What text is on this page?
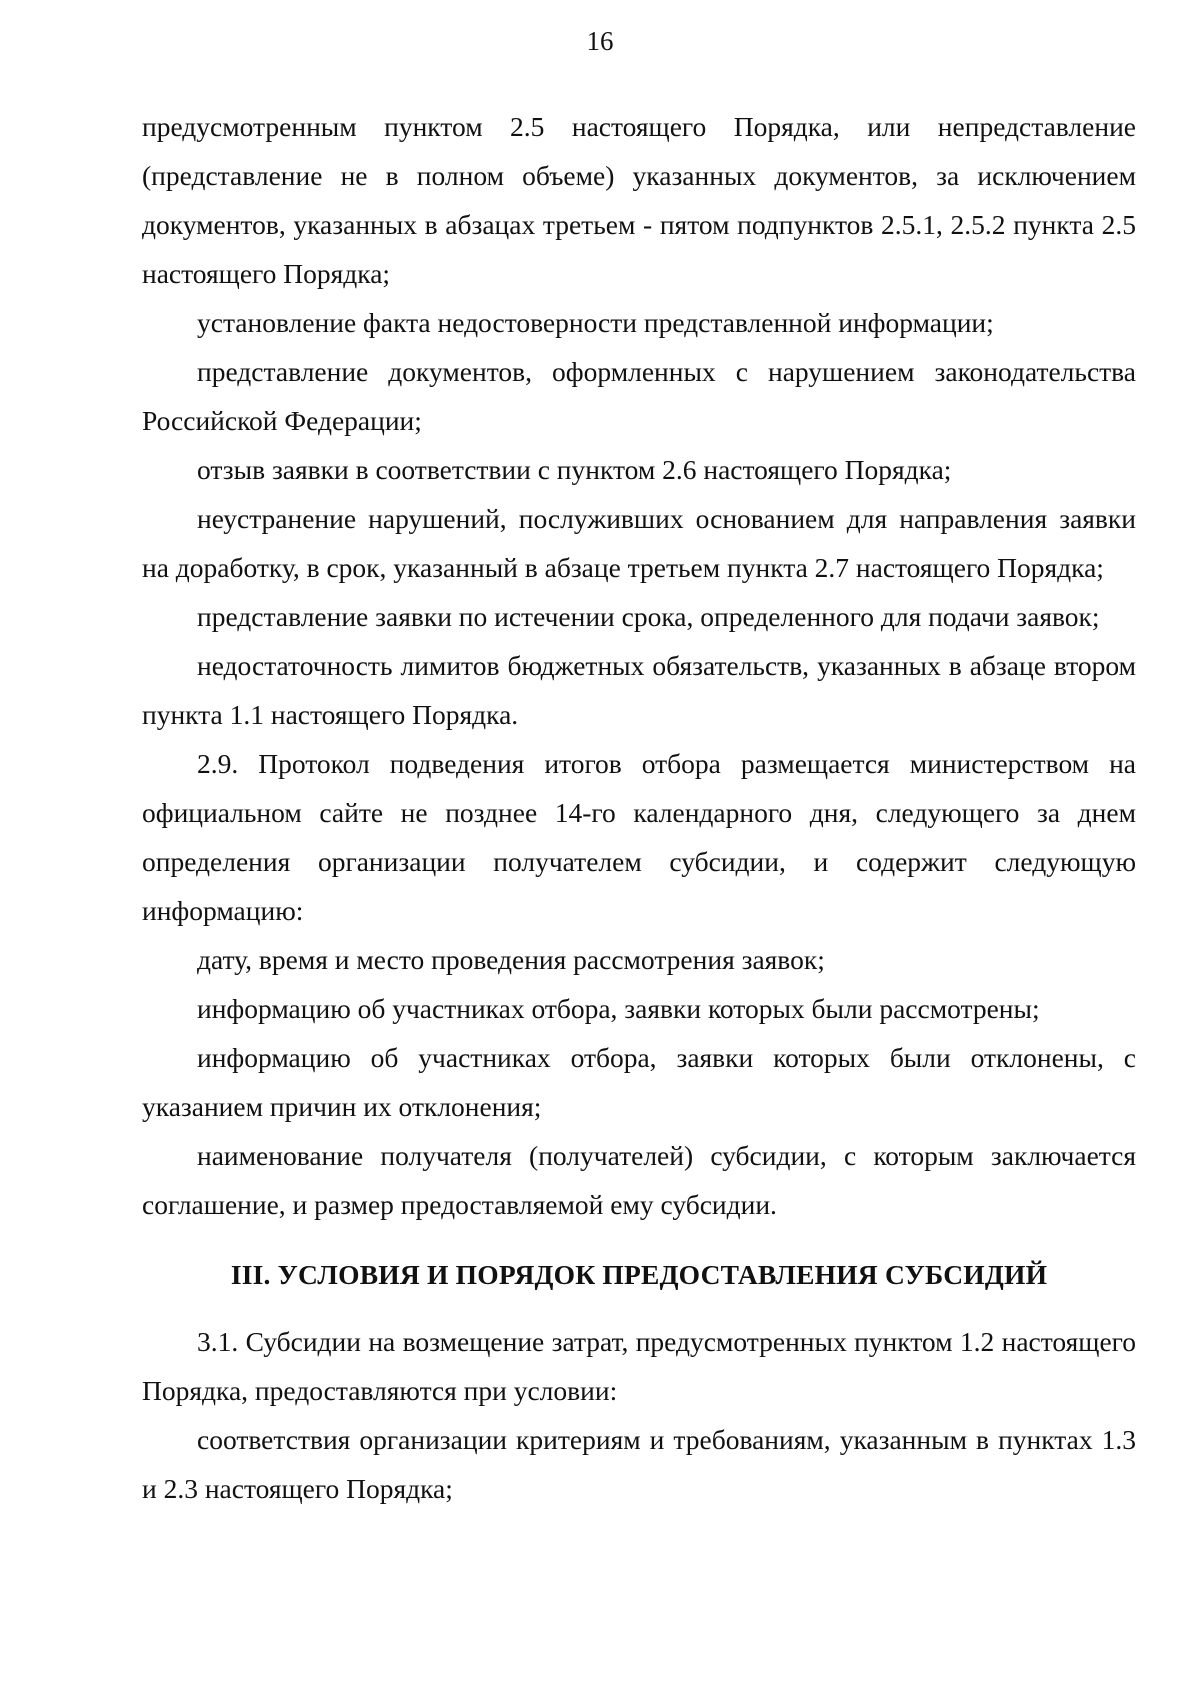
16

предусмотренным пунктом 2.5 настоящего Порядка, или непредставление (представление не в полном объеме) указанных документов, за исключением документов, указанных в абзацах третьем - пятом подпунктов 2.5.1, 2.5.2 пункта 2.5 настоящего Порядка;

установление факта недостоверности представленной информации;

представление документов, оформленных с нарушением законодательства Российской Федерации;

отзыв заявки в соответствии с пунктом 2.6 настоящего Порядка;

неустранение нарушений, послуживших основанием для направления заявки на доработку, в срок, указанный в абзаце третьем пункта 2.7 настоящего Порядка;

представление заявки по истечении срока, определенного для подачи заявок;

недостаточность лимитов бюджетных обязательств, указанных в абзаце втором пункта 1.1 настоящего Порядка.

2.9. Протокол подведения итогов отбора размещается министерством на официальном сайте не позднее 14-го календарного дня, следующего за днем определения организации получателем субсидии, и содержит следующую информацию:

дату, время и место проведения рассмотрения заявок;

информацию об участниках отбора, заявки которых были рассмотрены;

информацию об участниках отбора, заявки которых были отклонены, с указанием причин их отклонения;

наименование получателя (получателей) субсидии, с которым заключается соглашение, и размер предоставляемой ему субсидии.

III. УСЛОВИЯ И ПОРЯДОК ПРЕДОСТАВЛЕНИЯ СУБСИДИЙ

3.1. Субсидии на возмещение затрат, предусмотренных пунктом 1.2 настоящего Порядка, предоставляются при условии:

соответствия организации критериям и требованиям, указанным в пунктах 1.3 и 2.3 настоящего Порядка;
